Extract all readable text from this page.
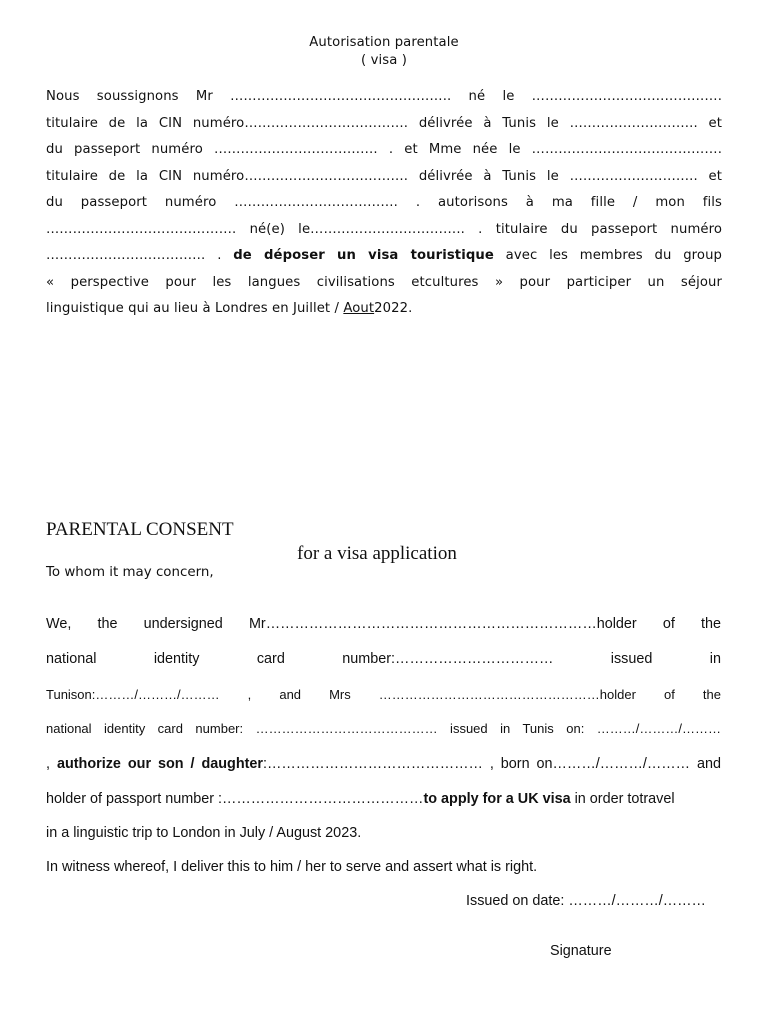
Autorisation parentale
( visa )
Nous soussignons Mr ………………………………………….. né le …………………………………….
titulaire de la CIN numéro………………………………. délivrée à Tunis le ……………………….. et
du passeport numéro ………………………………. . et Mme née le …………………………………….
titulaire de la CIN numéro………………………………. délivrée à Tunis le ……………………….. et
du passeport numéro ………………………………. . autorisons à ma fille / mon fils
……………………………………. né(e) le…………………………….. . titulaire du passeport numéro
……………………………… . de déposer un visa touristique avec les membres du group
« perspective pour les langues civilisations etcultures » pour participer un séjour
linguistique qui au lieu à Londres en Juillet / Aout2022.
PARENTAL CONSENT
for a visa application
To whom it may concern,
We, the undersigned Mr……………………………………………………………holder of the
national identity card number:…………………………… issued in
Tunison:………/………/……… , and Mrs ……………………………………………holder of the
national identity card number: …………………………………… issued in Tunis on: ………/………/………
, authorize our son / daughter:……………………………………… , born on………/………/……… and
holder of passport number :……………………………………to apply for a UK visa in order totravel
in a linguistic trip to London in July / August 2023.
In witness whereof, I deliver this to him / her to serve and assert what is right.
Issued on date: ………/………/………
Signature
